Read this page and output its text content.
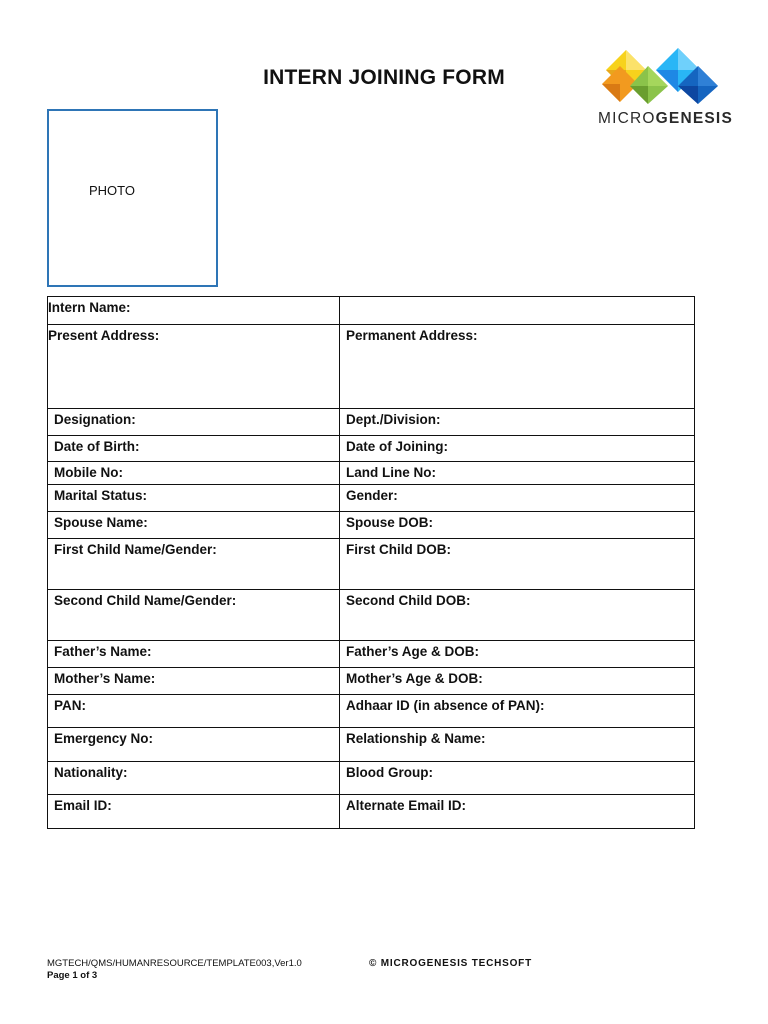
INTERN JOINING FORM
MICROGENESIS
PHOTO
Intern Name:	
Present Address:	Permanent Address:
Designation:	Dept./Division:
Date of Birth:	Date of Joining:
Mobile No:	Land Line No:
Marital Status:	Gender:
Spouse Name:	Spouse DOB:
First Child Name/Gender:	First Child DOB:
Second Child Name/Gender:	Second Child DOB:
Father’s Name:	Father’s Age & DOB:
Mother’s Name:	Mother’s Age & DOB:
PAN:	Adhaar ID (in absence of PAN):
Emergency No:	Relationship & Name:
Nationality:	Blood Group:
Email ID:	Alternate Email ID:
MGTECH/QMS/HUMANRESOURCE/TEMPLATE003,Ver1.0
Page 1 of 3
© MICROGENESIS TECHSOFT
